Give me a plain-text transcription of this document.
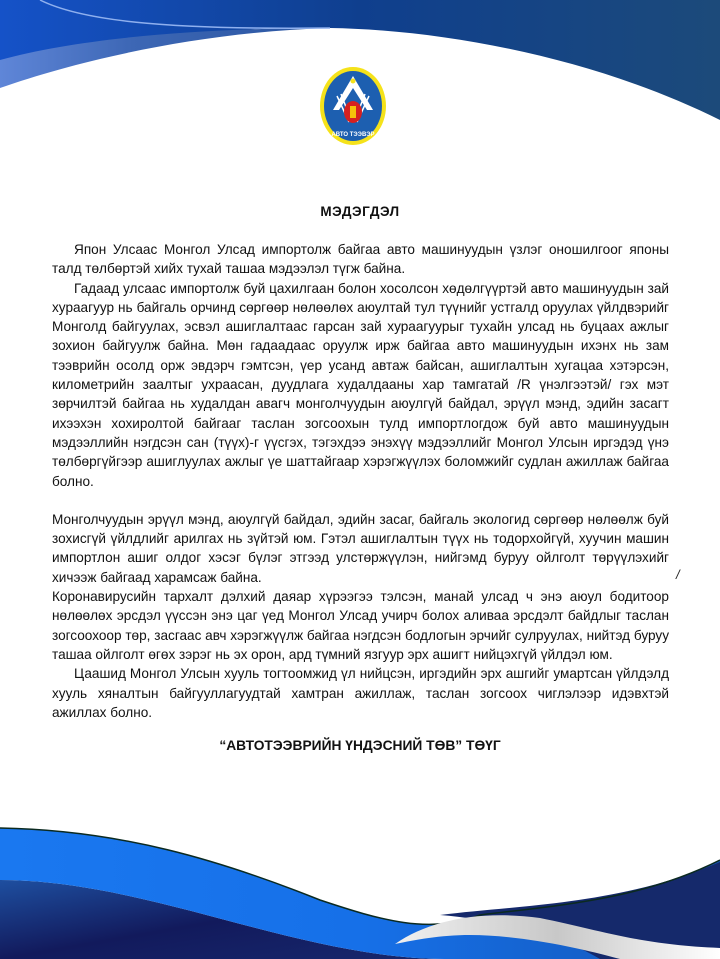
АВТО ТЭЭВЭР
МЭДЭГДЭЛ

Япон Улсаас Монгол Улсад импортолж байгаа авто машинуудын үзлэг оношилгоог японы талд төлбөртэй хийх тухай ташаа мэдээлэл түгж байна.

Гадаад улсаас импортолж буй цахилгаан болон хосолсон хөдөлгүүртэй авто машинуудын зай хураагуур нь байгаль орчинд сөргөөр нөлөөлөх аюултай тул түүнийг устгалд оруулах үйлдвэрийг Монголд байгуулах, эсвэл ашиглалтаас гарсан зай хураагуурыг тухайн улсад нь буцаах ажлыг зохион байгуулж байна. Мөн гадаадаас оруулж ирж байгаа авто машинуудын ихэнх нь зам тээврийн осолд орж эвдэрч гэмтсэн, үер усанд автаж байсан, ашиглалтын хугацаа хэтэрсэн, километрийн заалтыг ухраасан, дуудлага худалдааны хар тамгатай /R үнэлгээтэй/ гэх мэт зөрчилтэй байгаа нь худалдан авагч монголчуудын аюулгүй байдал, эрүүл мэнд, эдийн засагт ихээхэн хохиролтой байгааг таслан зогсоохын тулд импортлогдож буй авто машинуудын мэдээллийн нэгдсэн сан (түүх)-г үүсгэх, тэгэхдээ энэхүү мэдээллийг Монгол Улсын иргэдэд үнэ төлбөргүйгээр ашиглуулах ажлыг үе шаттайгаар хэрэгжүүлэх боломжийг судлан ажиллаж байгаа болно.

Монголчуудын эрүүл мэнд, аюулгүй байдал, эдийн засаг, байгаль экологид сөргөөр нөлөөлж буй зохисгүй үйлдлийг арилгах нь зүйтэй юм. Гэтэл ашиглалтын түүх нь тодорхойгүй, хуучин машин импортлон ашиг олдог хэсэг бүлэг этгээд улстөржүүлэн, нийгэмд буруу ойлголт төрүүлэхийг хичээж байгаад харамсаж байна.

Коронавирусийн тархалт дэлхий даяар хүрээгээ тэлсэн, манай улсад ч энэ аюул бодитоор нөлөөлөх эрсдэл үүссэн энэ цаг үед Монгол Улсад учирч болох аливаа эрсдэлт байдлыг таслан зогсоохоор төр, засгаас авч хэрэгжүүлж байгаа нэгдсэн бодлогын эрчийг сулруулах, нийтэд буруу ташаа ойлголт өгөх зэрэг нь эх орон, ард түмний язгуур эрх ашигт нийцэхгүй үйлдэл юм.

Цаашид Монгол Улсын хууль тогтоомжид үл нийцсэн, иргэдийн эрх ашгийг умартсан үйлдэлд хууль хяналтын байгууллагуудтай хамтран ажиллаж, таслан зогсоох чиглэлээр идэвхтэй ажиллах болно.

/
“АВТОТЭЭВРИЙН ҮНДЭСНИЙ ТӨВ” ТӨҮГ
